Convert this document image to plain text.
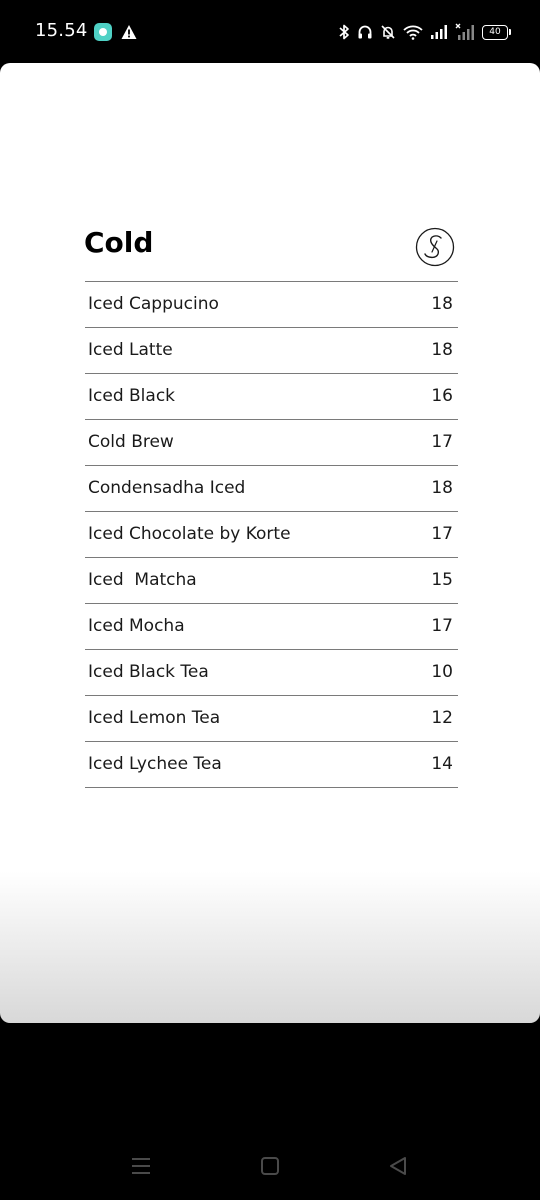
15.54	40
Cold
Iced Cappucino	18
Iced Latte	18
Iced Black	16
Cold Brew	17
Condensadha Iced	18
Iced Chocolate by Korte	17
Iced  Matcha	15
Iced Mocha	17
Iced Black Tea	10
Iced Lemon Tea	12
Iced Lychee Tea	14
